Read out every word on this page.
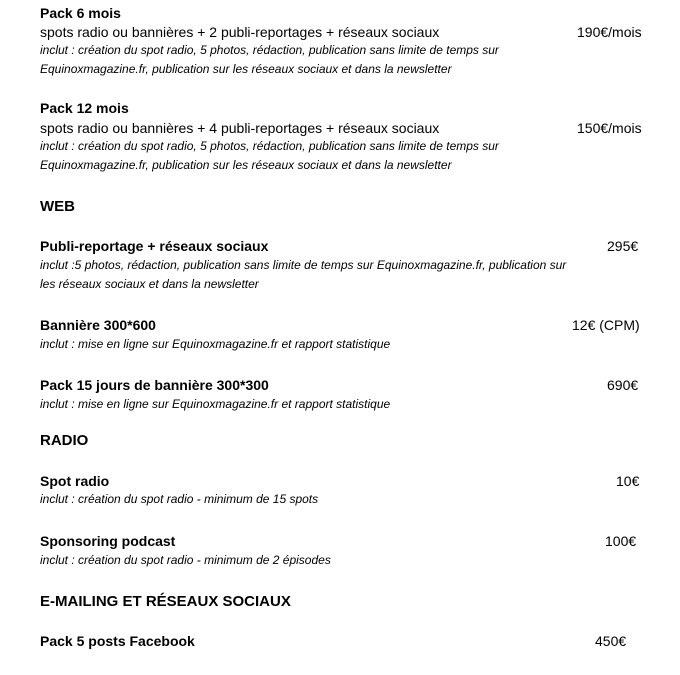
Pack 6 mois
spots radio ou bannières + 2 publi-reportages + réseaux sociaux	190€/mois
inclut : création du spot radio, 5 photos, rédaction, publication sans limite de temps sur
Equinoxmagazine.fr, publication sur les réseaux sociaux et dans la newsletter
Pack 12 mois
spots radio ou bannières + 4 publi-reportages + réseaux sociaux	150€/mois
inclut : création du spot radio, 5 photos, rédaction, publication sans limite de temps sur
Equinoxmagazine.fr, publication sur les réseaux sociaux et dans la newsletter
WEB
Publi-reportage + réseaux sociaux	295€
inclut :5 photos, rédaction, publication sans limite de temps sur Equinoxmagazine.fr, publication sur
les réseaux sociaux et dans la newsletter
Bannière 300*600	12€ (CPM)
inclut : mise en ligne sur Equinoxmagazine.fr et rapport statistique
Pack 15 jours de bannière 300*300	690€
inclut : mise en ligne sur Equinoxmagazine.fr et rapport statistique
RADIO
Spot radio	10€
inclut : création du spot radio - minimum de 15 spots
Sponsoring podcast	100€
inclut : création du spot radio - minimum de 2 épisodes
E-MAILING ET RÉSEAUX SOCIAUX
Pack 5 posts Facebook	450€
